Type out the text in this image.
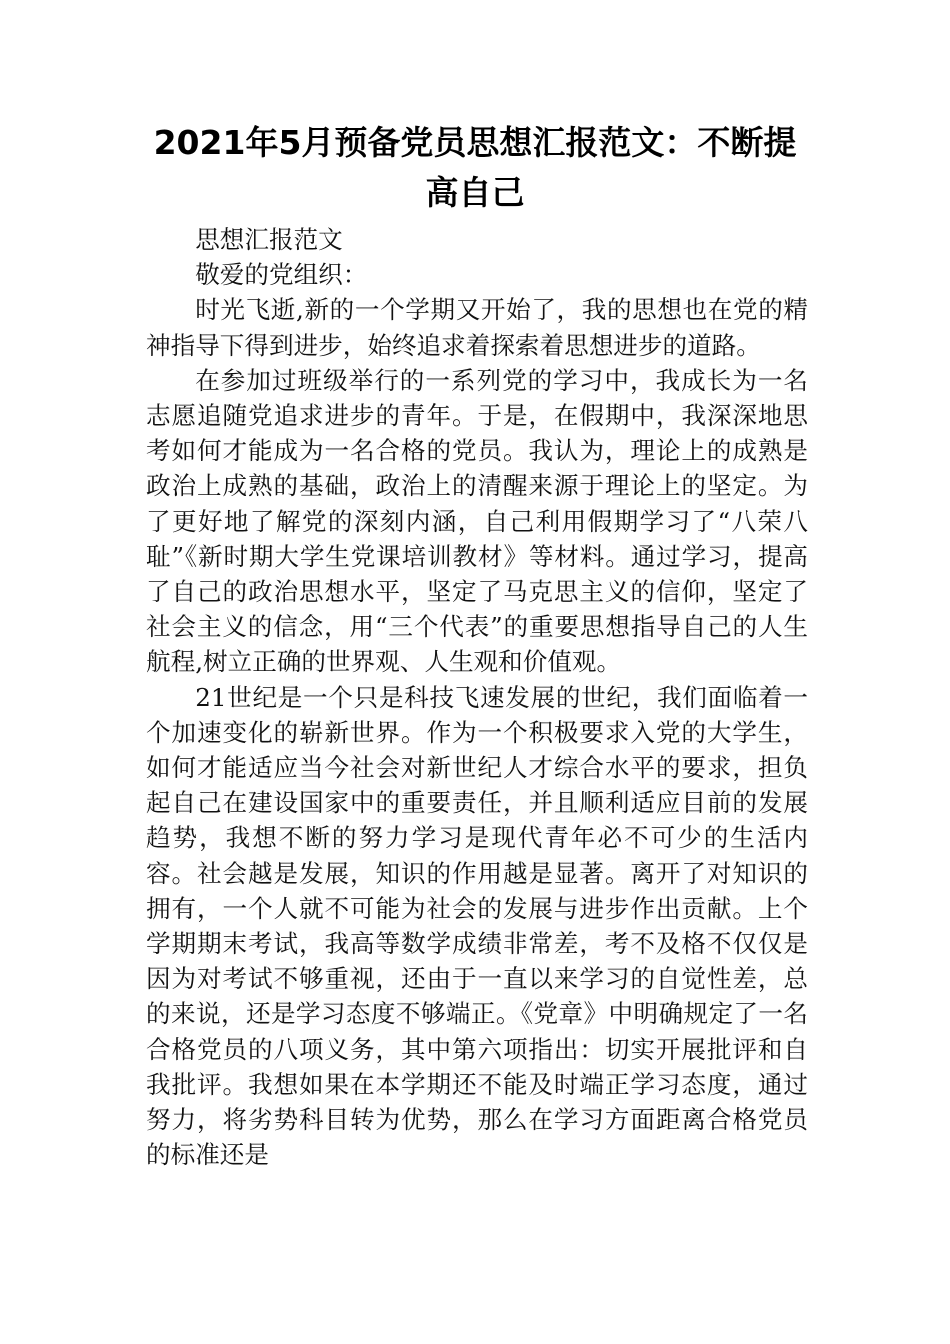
2021年5月预备党员思想汇报范文：不断提高自己

思想汇报范文

敬爱的党组织：

时光飞逝,新的一个学期又开始了，我的思想也在党的精神指导下得到进步，始终追求着探索着思想进步的道路。

在参加过班级举行的一系列党的学习中，我成长为一名志愿追随党追求进步的青年。于是，在假期中，我深深地思考如何才能成为一名合格的党员。我认为，理论上的成熟是政治上成熟的基础，政治上的清醒来源于理论上的坚定。为了更好地了解党的深刻内涵，自己利用假期学习了“八荣八耻”《新时期大学生党课培训教材》等材料。通过学习，提高了自己的政治思想水平，坚定了马克思主义的信仰，坚定了社会主义的信念，用“三个代表”的重要思想指导自己的人生航程,树立正确的世界观、人生观和价值观。

21世纪是一个只是科技飞速发展的世纪，我们面临着一个加速变化的崭新世界。作为一个积极要求入党的大学生，如何才能适应当今社会对新世纪人才综合水平的要求，担负起自己在建设国家中的重要责任，并且顺利适应目前的发展趋势，我想不断的努力学习是现代青年必不可少的生活内容。社会越是发展，知识的作用越是显著。离开了对知识的拥有，一个人就不可能为社会的发展与进步作出贡献。上个学期期末考试，我高等数学成绩非常差，考不及格不仅仅是因为对考试不够重视，还由于一直以来学习的自觉性差，总的来说，还是学习态度不够端正。《党章》中明确规定了一名合格党员的八项义务，其中第六项指出：切实开展批评和自我批评。我想如果在本学期还不能及时端正学习态度，通过努力，将劣势科目转为优势，那么在学习方面距离合格党员的标准还是
